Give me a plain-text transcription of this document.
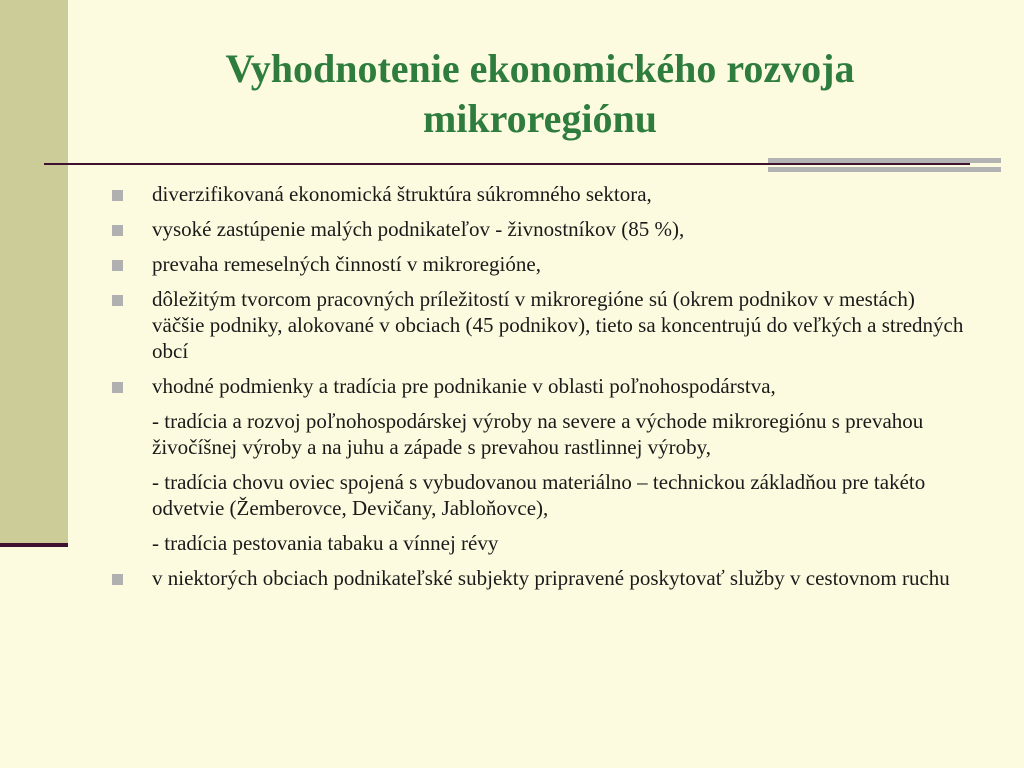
Vyhodnotenie ekonomického rozvoja
mikroregiónu
diverzifikovaná ekonomická štruktúra súkromného sektora,
vysoké zastúpenie malých podnikateľov - živnostníkov (85 %),
prevaha remeselných činností v mikroregióne,
dôležitým tvorcom pracovných príležitostí v mikroregióne sú (okrem podnikov v mestách) väčšie podniky, alokované v obciach (45 podnikov), tieto sa koncentrujú do veľkých a stredných obcí
vhodné podmienky a tradícia pre podnikanie v oblasti poľnohospodárstva,
- tradícia a rozvoj poľnohospodárskej výroby na severe a východe mikroregiónu s prevahou živočíšnej výroby a na juhu a západe s prevahou rastlinnej výroby,
- tradícia chovu oviec spojená s vybudovanou materiálno – technickou základňou pre takéto odvetvie (Žemberovce, Devičany, Jabloňovce),
- tradícia pestovania tabaku a vínnej révy
v niektorých obciach podnikateľské subjekty pripravené poskytovať služby v cestovnom ruchu
